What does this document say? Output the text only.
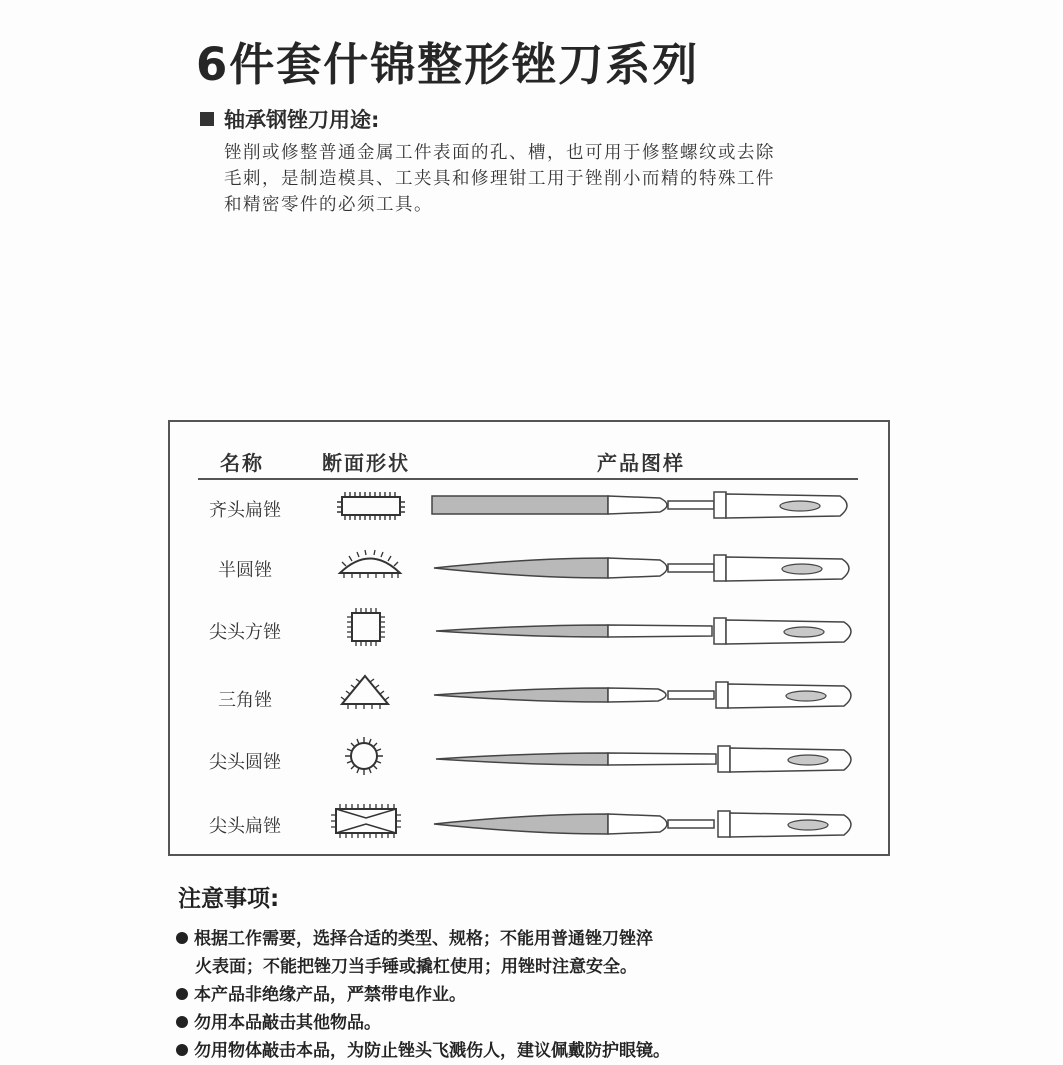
6件套什锦整形锉刀系列
轴承钢锉刀用途:

锉削或修整普通金属工件表面的孔、槽，也可用于修整螺纹或去除

毛刺，是制造模具、工夹具和修理钳工用于锉削小而精的特殊工件

和精密零件的必须工具。

名称	断面形状	产品图样
齐头扁锉
半圆锉
尖头方锉
三角锉
尖头圆锉
尖头扁锉
注意事项:
根据工作需要，选择合适的类型、规格；不能用普通锉刀锉淬
火表面；不能把锉刀当手锤或撬杠使用；用锉时注意安全。
本产品非绝缘产品，严禁带电作业。
勿用本品敲击其他物品。
勿用物体敲击本品，为防止锉头飞溅伤人，建议佩戴防护眼镜。
